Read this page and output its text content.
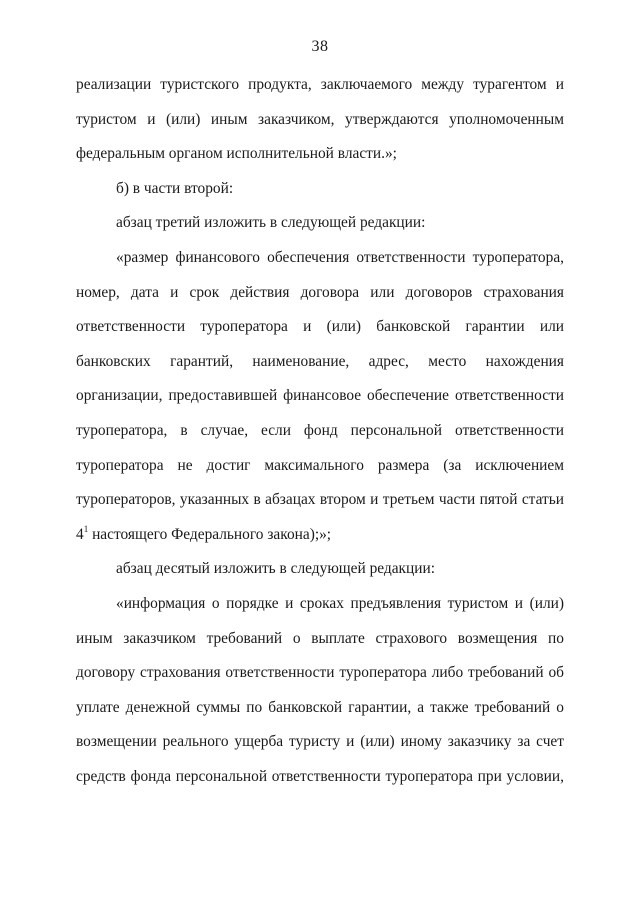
38
реализации туристского продукта, заключаемого между турагентом и
туристом и (или) иным заказчиком, утверждаются уполномоченным
федеральным органом исполнительной власти.»;
б) в части второй:
абзац третий изложить в следующей редакции:
«размер финансового обеспечения ответственности туроператора,
номер, дата и срок действия договора или договоров страхования
ответственности туроператора и (или) банковской гарантии или
банковских гарантий, наименование, адрес, место нахождения
организации, предоставившей финансовое обеспечение ответственности
туроператора, в случае, если фонд персональной ответственности
туроператора не достиг максимального размера (за исключением
туроператоров, указанных в абзацах втором и третьем части пятой статьи
$4^1$ настоящего Федерального закона);»;
абзац десятый изложить в следующей редакции:
«информация о порядке и сроках предъявления туристом и (или)
иным заказчиком требований о выплате страхового возмещения по
договору страхования ответственности туроператора либо требований об
уплате денежной суммы по банковской гарантии, а также требований о
возмещении реального ущерба туристу и (или) иному заказчику за счет
средств фонда персональной ответственности туроператора при условии,
